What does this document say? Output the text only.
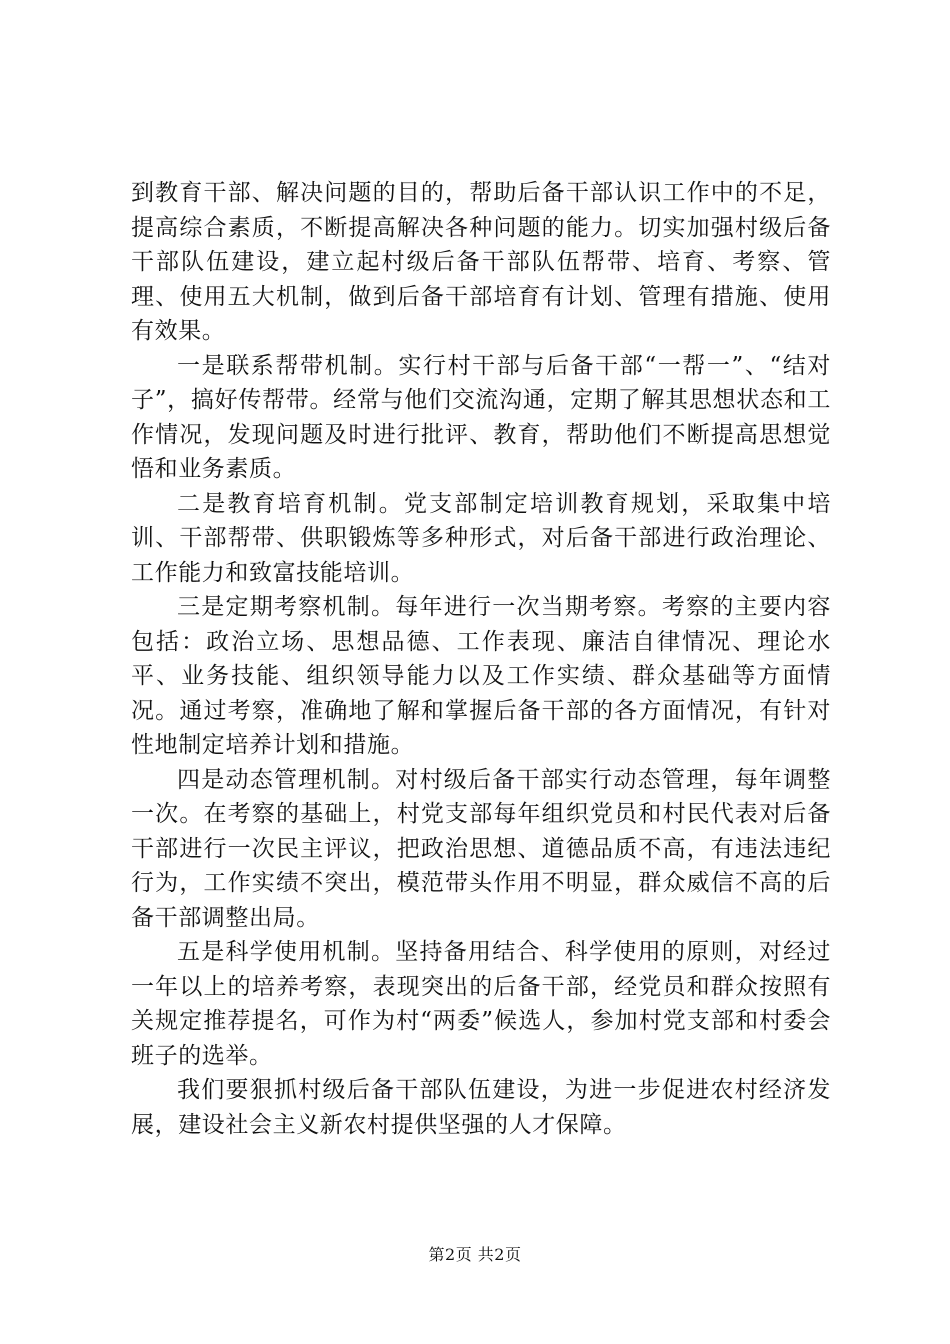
到教育干部、解决问题的目的，帮助后备干部认识工作中的不足，提高综合素质，不断提高解决各种问题的能力。切实加强村级后备干部队伍建设，建立起村级后备干部队伍帮带、培育、考察、管理、使用五大机制，做到后备干部培育有计划、管理有措施、使用有效果。

一是联系帮带机制。实行村干部与后备干部“一帮一”、“结对子”，搞好传帮带。经常与他们交流沟通，定期了解其思想状态和工作情况，发现问题及时进行批评、教育，帮助他们不断提高思想觉悟和业务素质。

二是教育培育机制。党支部制定培训教育规划，采取集中培训、干部帮带、供职锻炼等多种形式，对后备干部进行政治理论、工作能力和致富技能培训。

三是定期考察机制。每年进行一次当期考察。考察的主要内容包括：政治立场、思想品德、工作表现、廉洁自律情况、理论水平、业务技能、组织领导能力以及工作实绩、群众基础等方面情况。通过考察，准确地了解和掌握后备干部的各方面情况，有针对性地制定培养计划和措施。

四是动态管理机制。对村级后备干部实行动态管理，每年调整一次。在考察的基础上，村党支部每年组织党员和村民代表对后备干部进行一次民主评议，把政治思想、道德品质不高，有违法违纪行为，工作实绩不突出，模范带头作用不明显，群众威信不高的后备干部调整出局。

五是科学使用机制。坚持备用结合、科学使用的原则，对经过一年以上的培养考察，表现突出的后备干部，经党员和群众按照有关规定推荐提名，可作为村“两委”候选人，参加村党支部和村委会班子的选举。

我们要狠抓村级后备干部队伍建设，为进一步促进农村经济发展，建设社会主义新农村提供坚强的人才保障。

第2页 共2页
